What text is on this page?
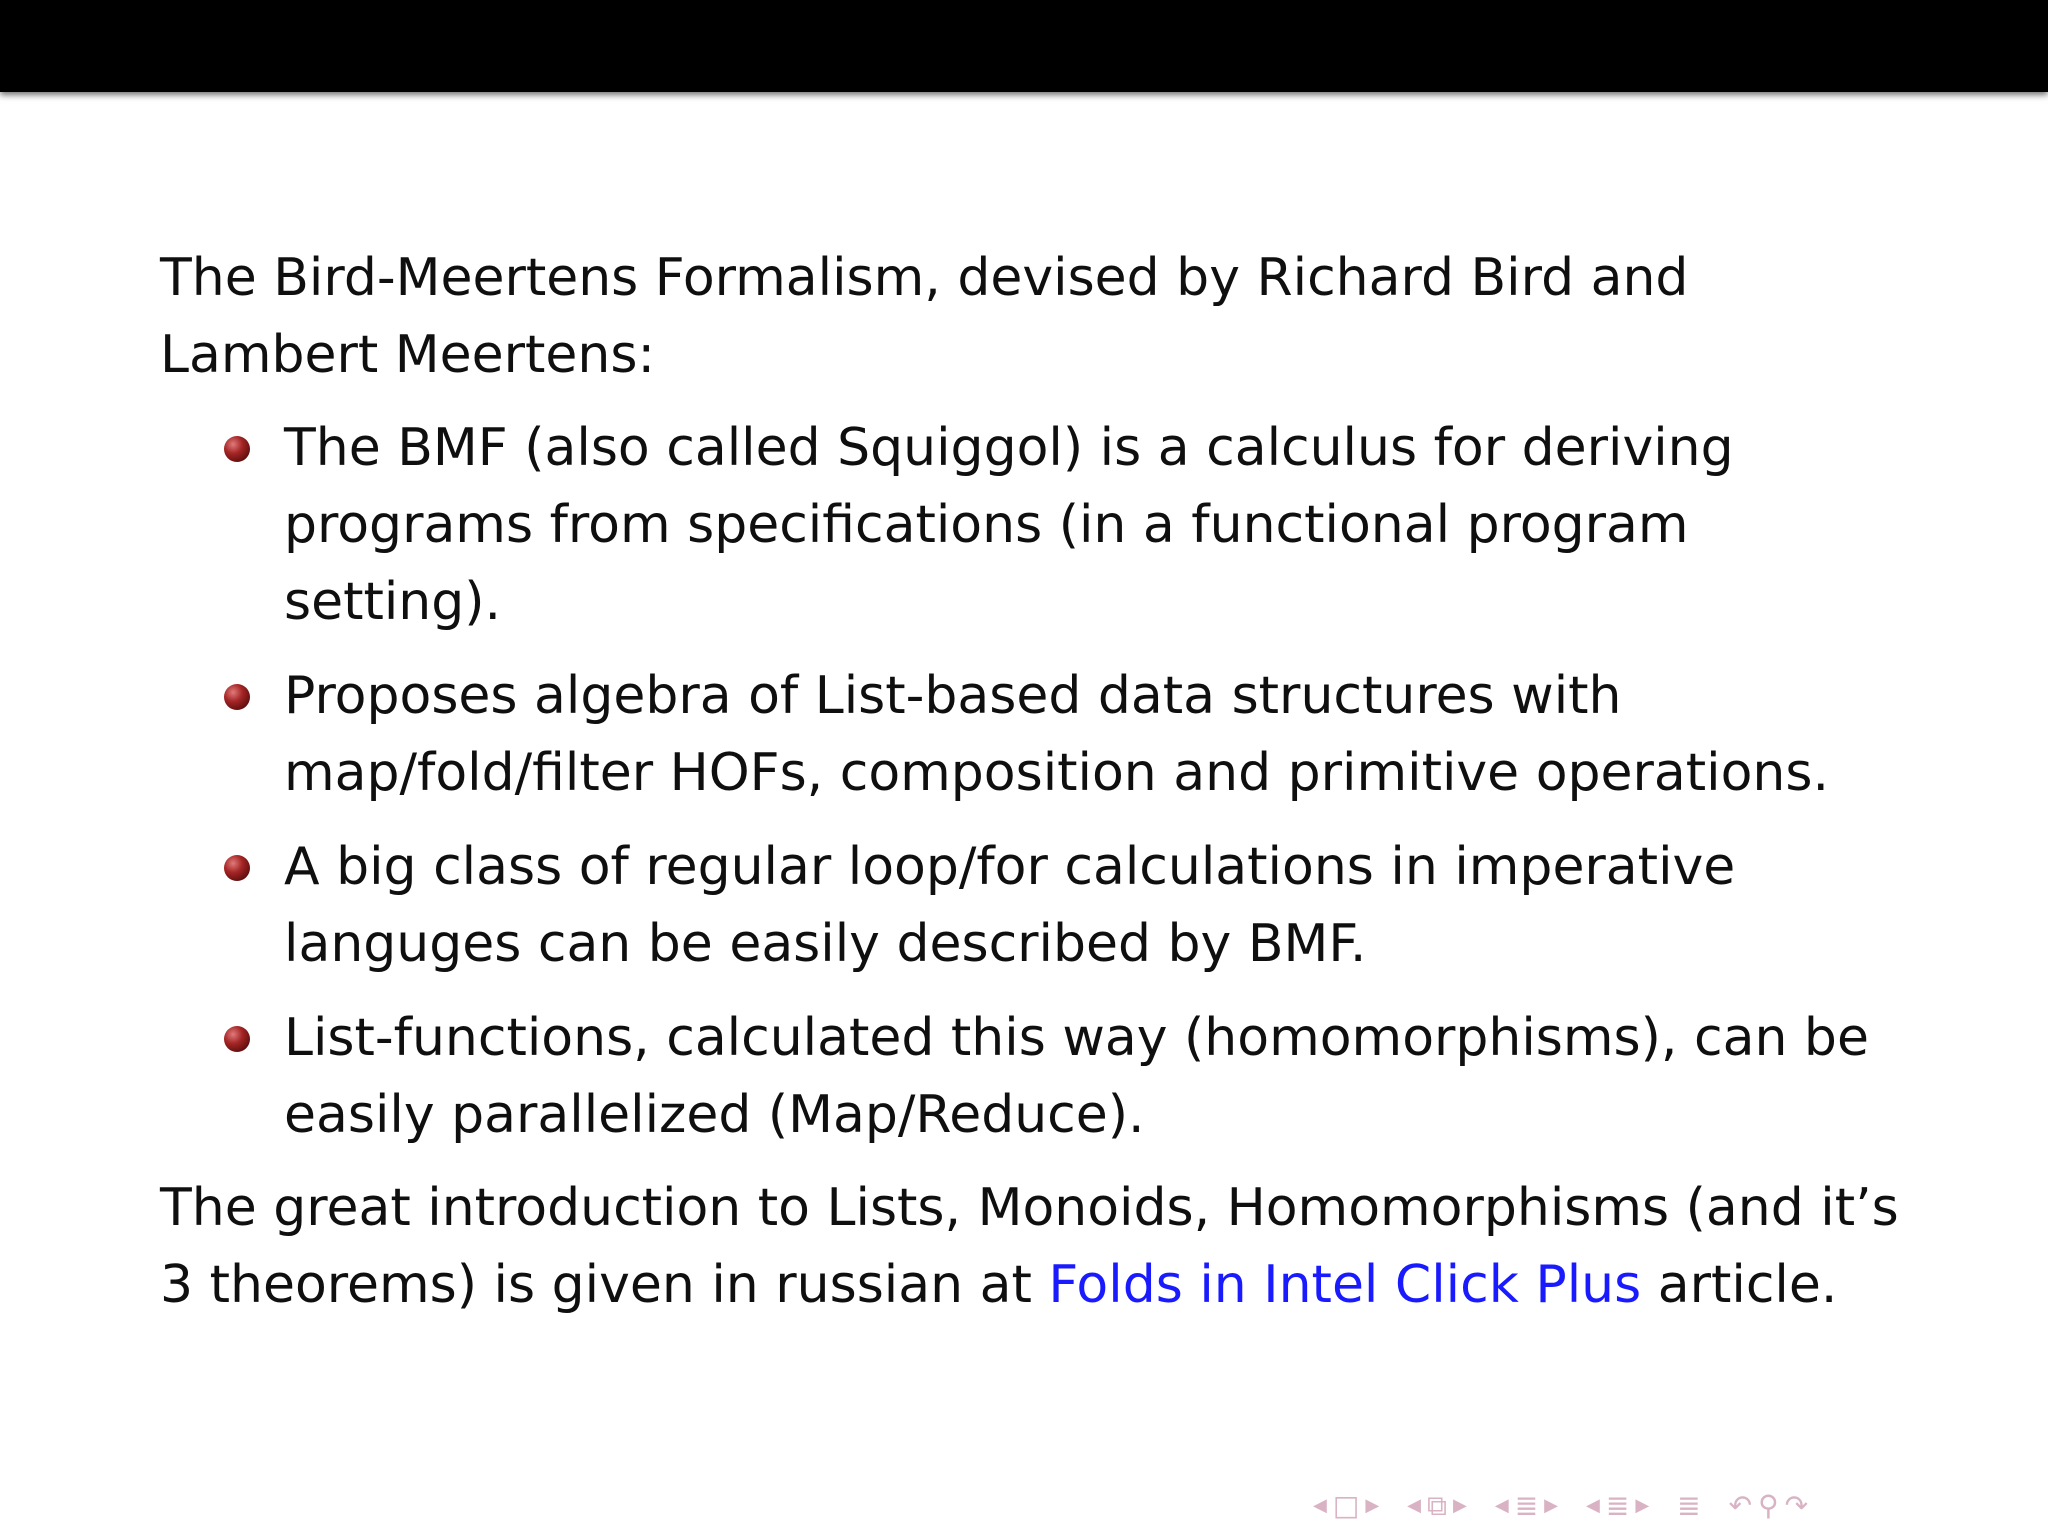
The Bird-Meertens Formalism, devised by Richard Bird and Lambert Meertens:

The BMF (also called Squiggol) is a calculus for deriving programs from specifications (in a functional program setting).
Proposes algebra of List-based data structures with map/fold/filter HOFs, composition and primitive operations.
A big class of regular loop/for calculations in imperative languges can be easily described by BMF.
List-functions, calculated this way (homomorphisms), can be easily parallelized (Map/Reduce).

The great introduction to Lists, Monoids, Homomorphisms (and it’s 3 theorems) is given in russian at Folds in Intel Click Plus article.

◀ □ ▶ ◀ ⧉ ▶ ◀ ≣ ▶ ◀ ≣ ▶ ≣ ↶ ⚲ ↷
